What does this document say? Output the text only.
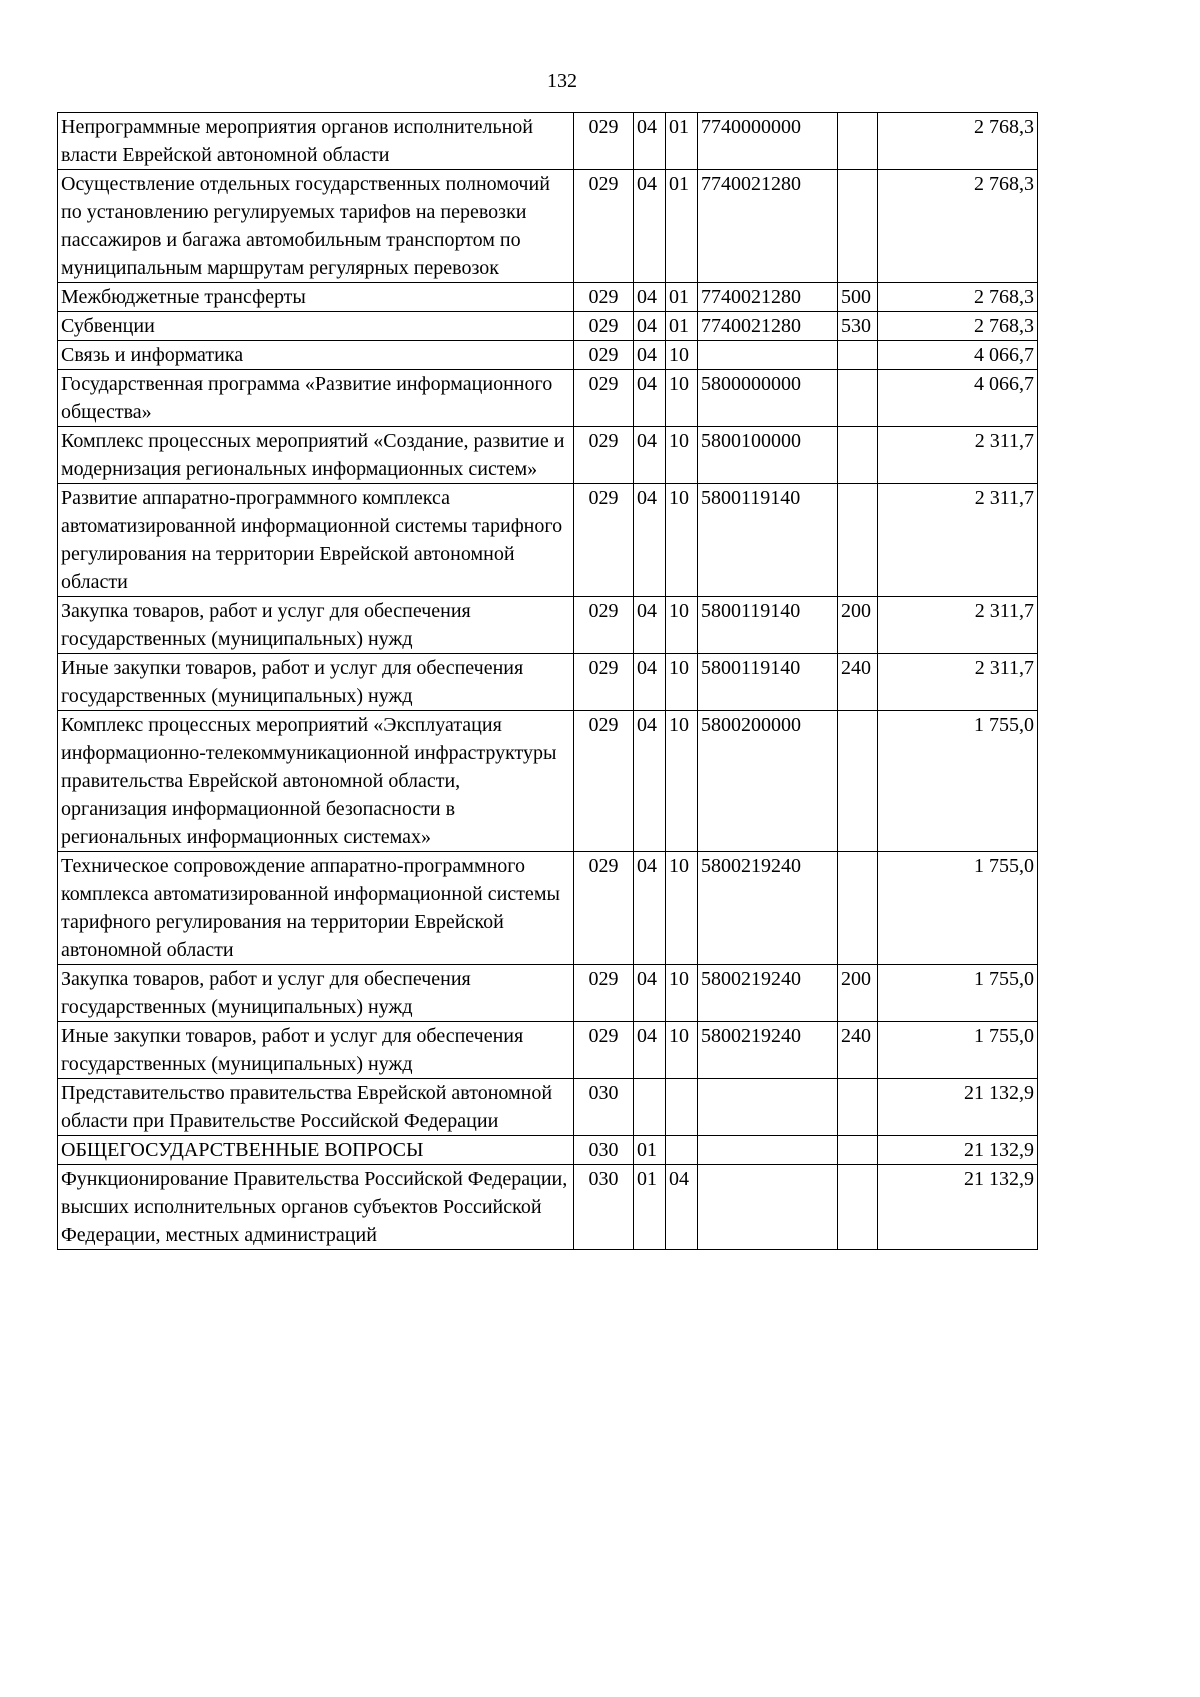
132
Непрограммные мероприятия органов исполнительной власти Еврейской автономной области	029	04	01	7740000000		2 768,3
Осуществление отдельных государственных полномочий по установлению регулируемых тарифов на перевозки пассажиров и багажа автомобильным транспортом по муниципальным маршрутам регулярных перевозок	029	04	01	7740021280		2 768,3
Межбюджетные трансферты	029	04	01	7740021280	500	2 768,3
Субвенции	029	04	01	7740021280	530	2 768,3
Связь и информатика	029	04	10			4 066,7
Государственная программа «Развитие информационного общества»	029	04	10	5800000000		4 066,7
Комплекс процессных мероприятий «Создание, развитие и модернизация региональных информационных систем»	029	04	10	5800100000		2 311,7
Развитие аппаратно-программного комплекса автоматизированной информационной системы тарифного регулирования на территории Еврейской автономной области	029	04	10	5800119140		2 311,7
Закупка товаров, работ и услуг для обеспечения государственных (муниципальных) нужд	029	04	10	5800119140	200	2 311,7
Иные закупки товаров, работ и услуг для обеспечения государственных (муниципальных) нужд	029	04	10	5800119140	240	2 311,7
Комплекс процессных мероприятий «Эксплуатация информационно-телекоммуникационной инфраструктуры правительства Еврейской автономной области, организация информационной безопасности в региональных информационных системах»	029	04	10	5800200000		1 755,0
Техническое сопровождение аппаратно-программного комплекса автоматизированной информационной системы тарифного регулирования на территории Еврейской автономной области	029	04	10	5800219240		1 755,0
Закупка товаров, работ и услуг для обеспечения государственных (муниципальных) нужд	029	04	10	5800219240	200	1 755,0
Иные закупки товаров, работ и услуг для обеспечения государственных (муниципальных) нужд	029	04	10	5800219240	240	1 755,0
Представительство правительства Еврейской автономной области при Правительстве Российской Федерации	030					21 132,9
ОБЩЕГОСУДАРСТВЕННЫЕ ВОПРОСЫ	030	01				21 132,9
Функционирование Правительства Российской Федерации, высших исполнительных органов субъектов Российской Федерации, местных администраций	030	01	04			21 132,9
